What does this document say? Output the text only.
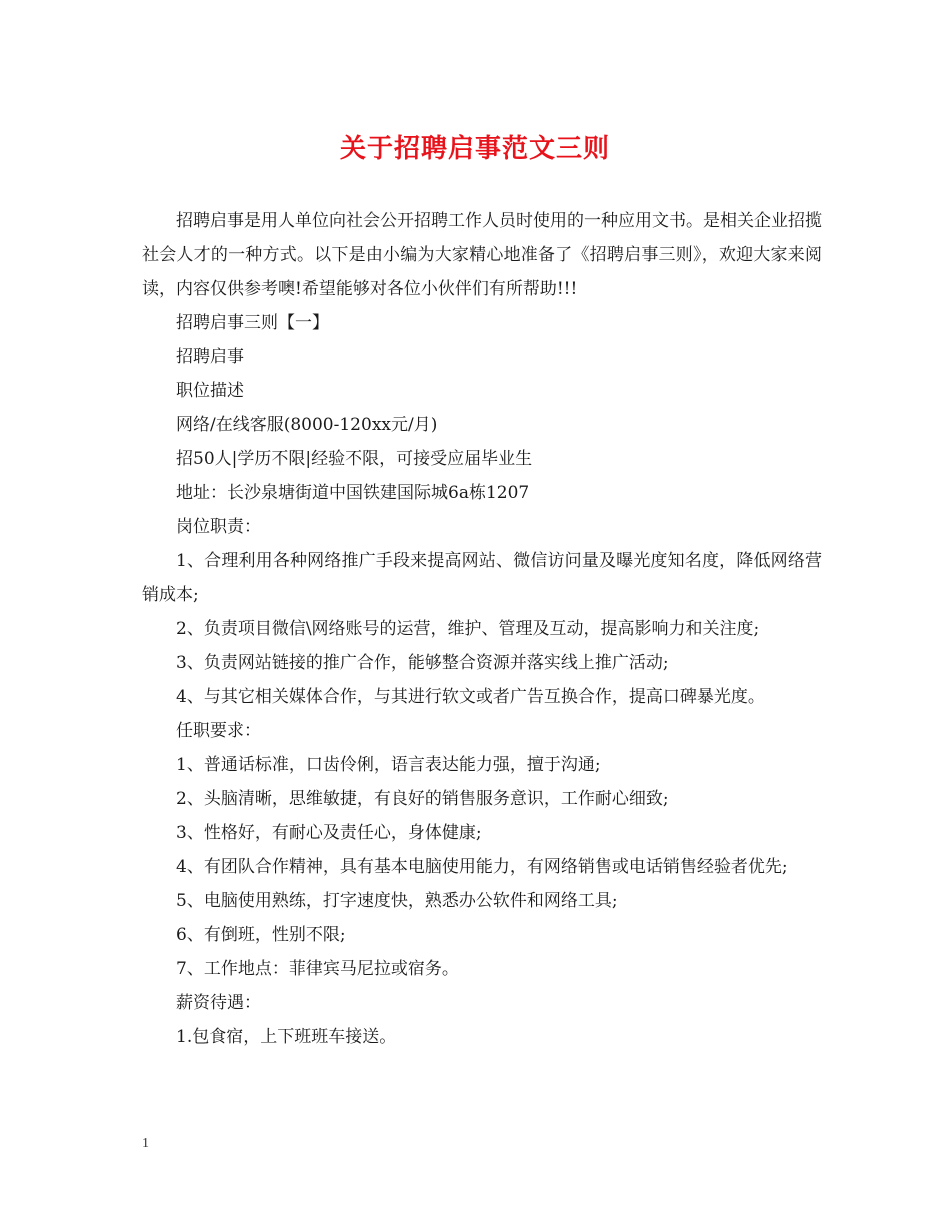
关于招聘启事范文三则

招聘启事是用人单位向社会公开招聘工作人员时使用的一种应用文书。是相关企业招揽社会人才的一种方式。以下是由小编为大家精心地准备了《招聘启事三则》，欢迎大家来阅读，内容仅供参考噢!希望能够对各位小伙伴们有所帮助!!!

招聘启事三则【一】

招聘启事

职位描述

网络/在线客服(8000-120xx元/月)

招50人|学历不限|经验不限，可接受应届毕业生

地址：长沙泉塘街道中国铁建国际城6a栋1207

岗位职责：

1、合理利用各种网络推广手段来提高网站、微信访问量及曝光度知名度，降低网络营销成本;

2、负责项目微信\网络账号的运营，维护、管理及互动，提高影响力和关注度;

3、负责网站链接的推广合作，能够整合资源并落实线上推广活动;

4、与其它相关媒体合作，与其进行软文或者广告互换合作，提高口碑暴光度。

任职要求：

1、普通话标准，口齿伶俐，语言表达能力强，擅于沟通;

2、头脑清晰，思维敏捷，有良好的销售服务意识，工作耐心细致;

3、性格好，有耐心及责任心，身体健康;

4、有团队合作精神，具有基本电脑使用能力，有网络销售或电话销售经验者优先;

5、电脑使用熟练，打字速度快，熟悉办公软件和网络工具;

6、有倒班，性别不限;

7、工作地点：菲律宾马尼拉或宿务。

薪资待遇：

1.包食宿，上下班班车接送。

1
